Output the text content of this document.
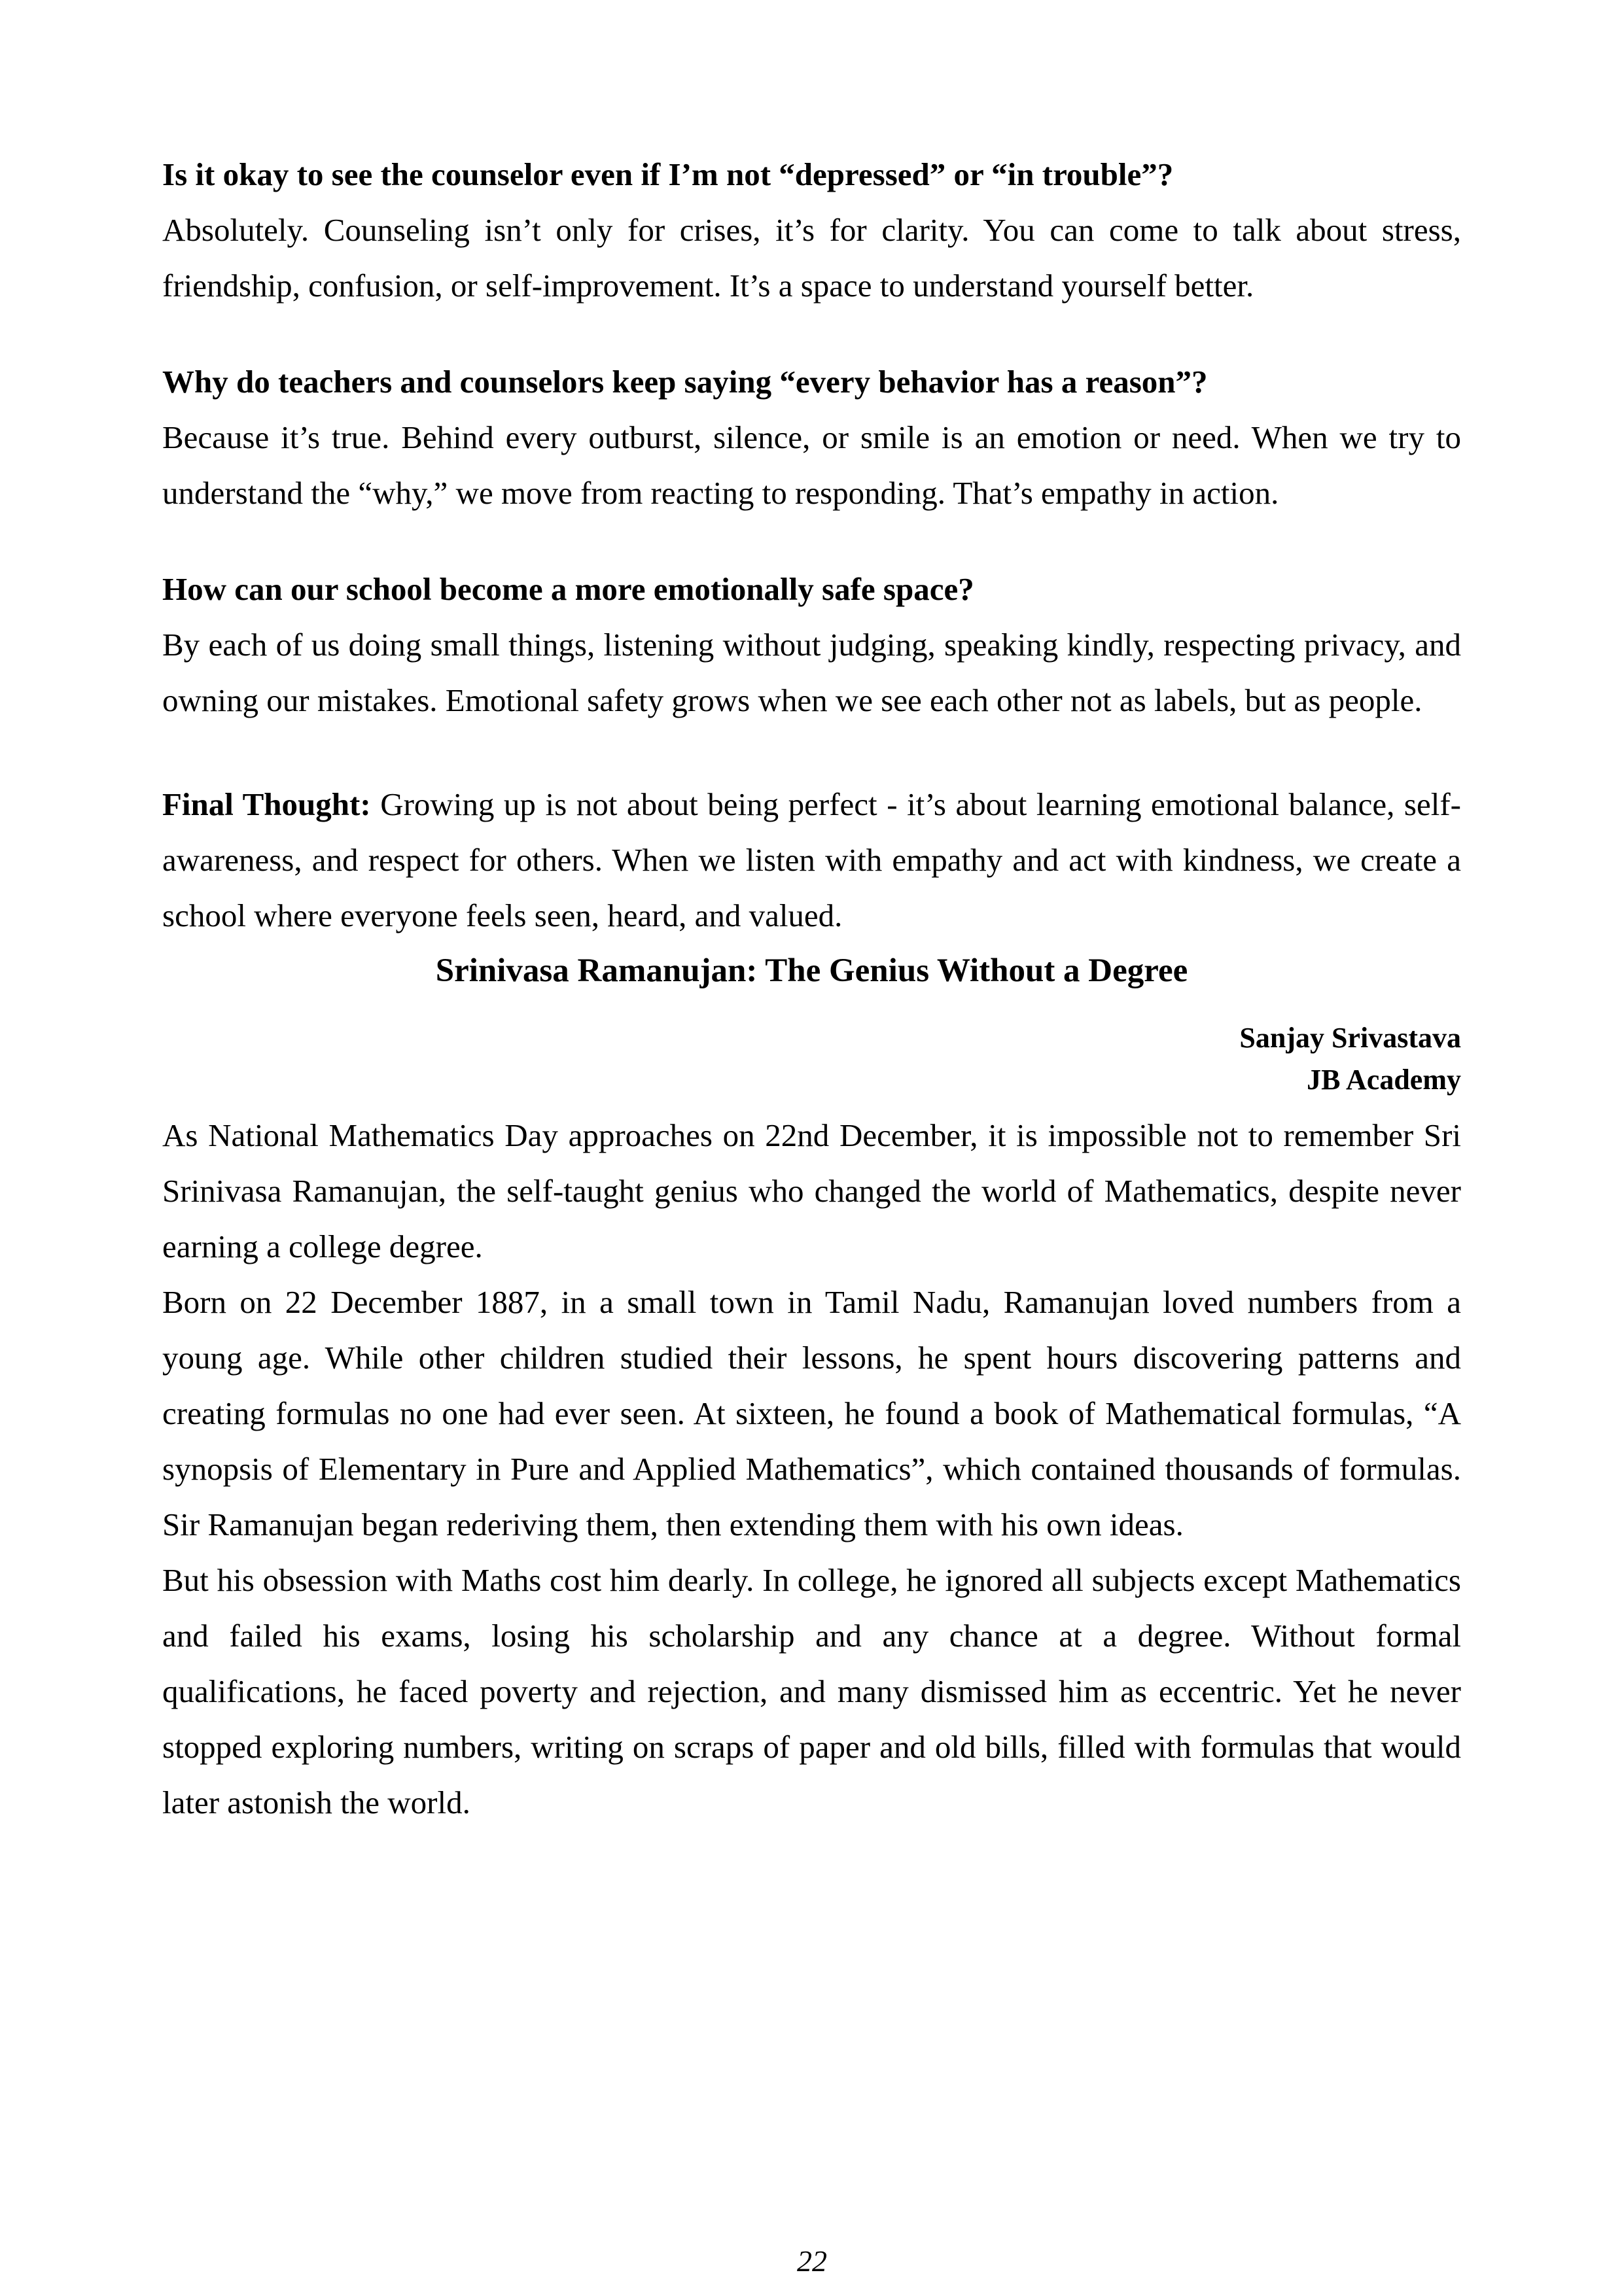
Is it okay to see the counselor even if I’m not “depressed” or “in trouble”?

Absolutely. Counseling isn’t only for crises, it’s for clarity. You can come to talk about stress, friendship, confusion, or self-improvement. It’s a space to understand yourself better.

Why do teachers and counselors keep saying “every behavior has a reason”?

Because it’s true. Behind every outburst, silence, or smile is an emotion or need. When we try to understand the “why,” we move from reacting to responding. That’s empathy in action.

How can our school become a more emotionally safe space?

By each of us doing small things, listening without judging, speaking kindly, respecting privacy, and owning our mistakes. Emotional safety grows when we see each other not as labels, but as people.

Final Thought: Growing up is not about being perfect - it’s about learning emotional balance, self-awareness, and respect for others. When we listen with empathy and act with kindness, we create a school where everyone feels seen, heard, and valued.

Srinivasa Ramanujan: The Genius Without a Degree
Sanjay Srivastava
JB Academy

As National Mathematics Day approaches on 22nd December, it is impossible not to remember Sri Srinivasa Ramanujan, the self-taught genius who changed the world of Mathematics, despite never earning a college degree.

Born on 22 December 1887, in a small town in Tamil Nadu, Ramanujan loved numbers from a young age. While other children studied their lessons, he spent hours discovering patterns and creating formulas no one had ever seen. At sixteen, he found a book of Mathematical formulas, “A synopsis of Elementary in Pure and Applied Mathematics”, which contained thousands of formulas. Sir Ramanujan began rederiving them, then extending them with his own ideas.

But his obsession with Maths cost him dearly. In college, he ignored all subjects except Mathematics and failed his exams, losing his scholarship and any chance at a degree. Without formal qualifications, he faced poverty and rejection, and many dismissed him as eccentric. Yet he never stopped exploring numbers, writing on scraps of paper and old bills, filled with formulas that would later astonish the world.

22
